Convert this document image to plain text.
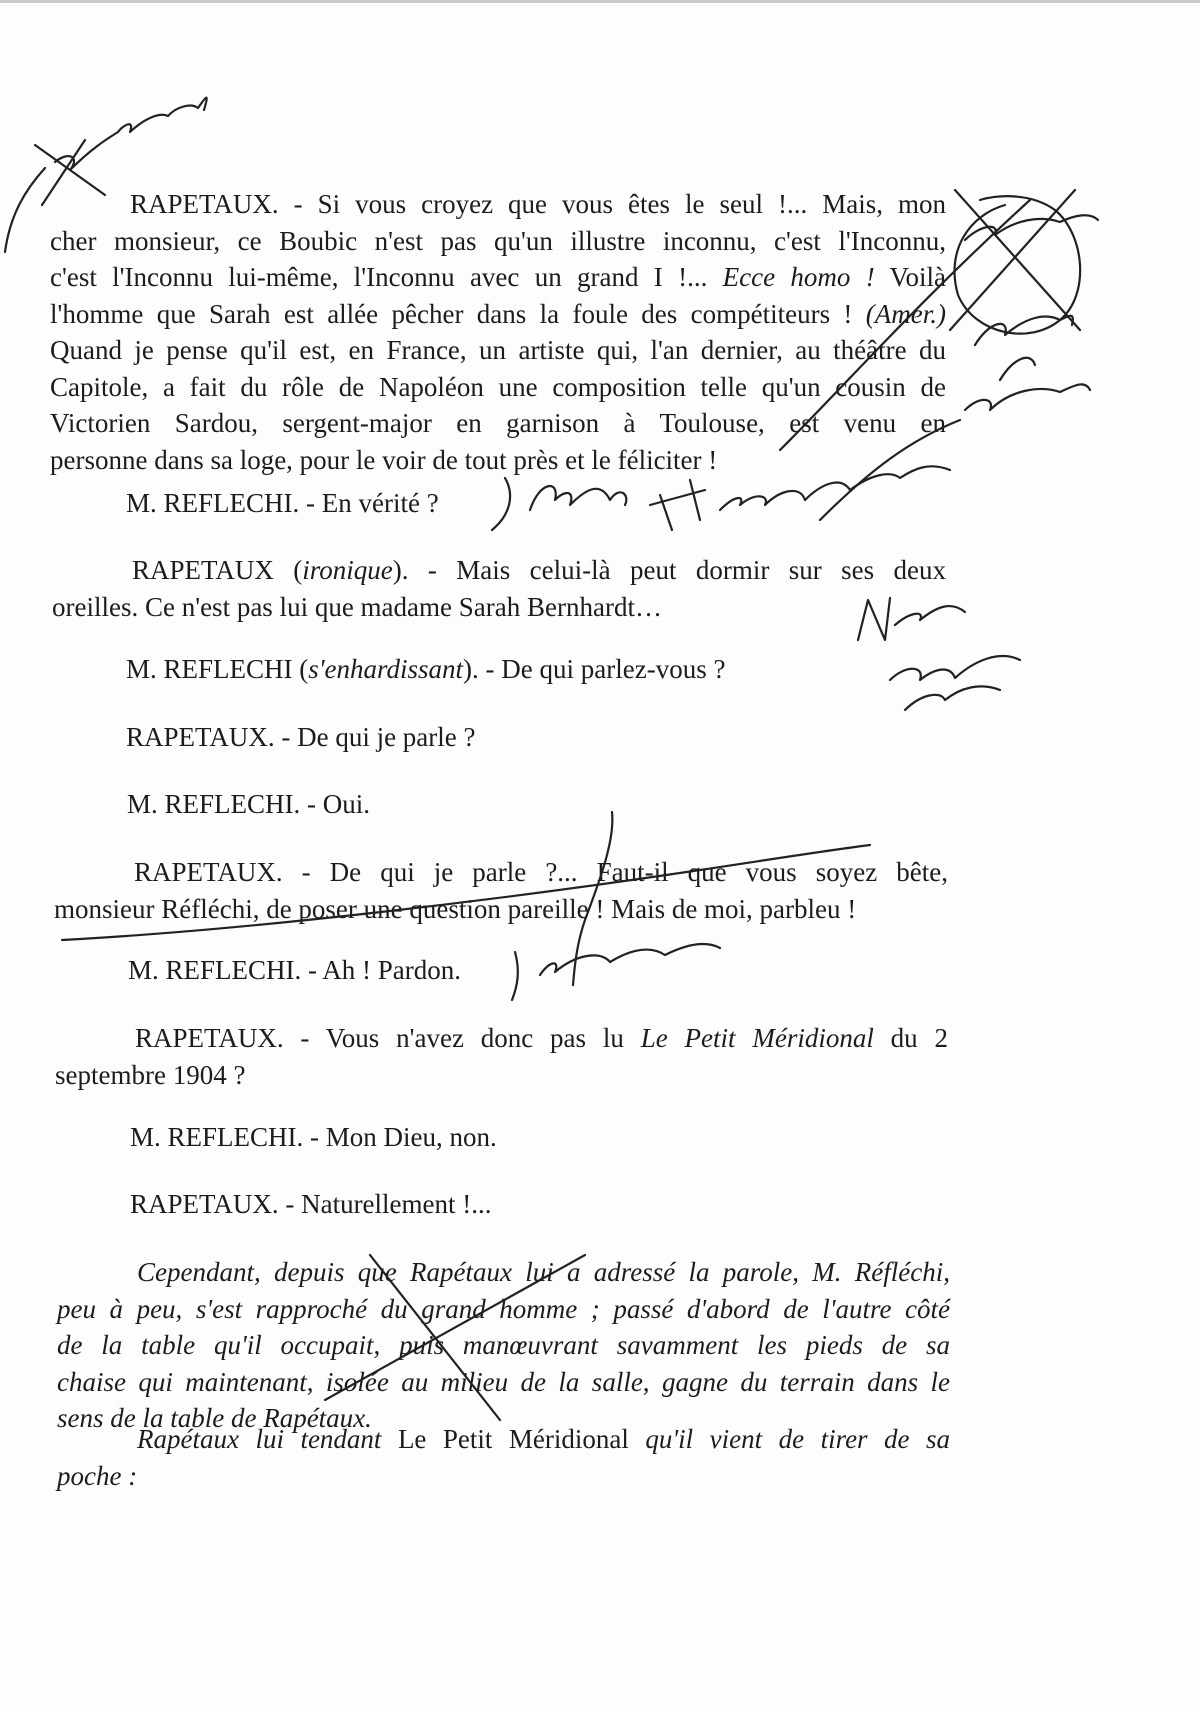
RAPETAUX. - Si vous croyez que vous êtes le seul !... Mais, mon
cher monsieur, ce Boubic n'est pas qu'un illustre inconnu, c'est l'Inconnu,
c'est l'Inconnu lui-même, l'Inconnu avec un grand I !... Ecce homo ! Voilà
l'homme que Sarah est allée pêcher dans la foule des compétiteurs ! (Amer.)
Quand je pense qu'il est, en France, un artiste qui, l'an dernier, au théâtre du
Capitole, a fait du rôle de Napoléon une composition telle qu'un cousin de
Victorien Sardou, sergent-major en garnison à Toulouse, est venu en
personne dans sa loge, pour le voir de tout près et le féliciter !
M. REFLECHI. - En vérité ?
RAPETAUX (ironique). - Mais celui-là peut dormir sur ses deux
oreilles. Ce n'est pas lui que madame Sarah Bernhardt…
M. REFLECHI (s'enhardissant). - De qui parlez-vous ?
RAPETAUX. - De qui je parle ?
M. REFLECHI. - Oui.
RAPETAUX. - De qui je parle ?... Faut-il que vous soyez bête,
monsieur Réfléchi, de poser une question pareille ! Mais de moi, parbleu !
M. REFLECHI. - Ah ! Pardon.
RAPETAUX. - Vous n'avez donc pas lu Le Petit Méridional du 2
septembre 1904 ?
M. REFLECHI. - Mon Dieu, non.
RAPETAUX. - Naturellement !...
Cependant, depuis que Rapétaux lui a adressé la parole, M. Réfléchi,
peu à peu, s'est rapproché du grand homme ; passé d'abord de l'autre côté
de la table qu'il occupait, puis manœuvrant savamment les pieds de sa
chaise qui maintenant, isolée au milieu de la salle, gagne du terrain dans le
sens de la table de Rapétaux.
Rapétaux lui tendant Le Petit Méridional qu'il vient de tirer de sa
poche :
